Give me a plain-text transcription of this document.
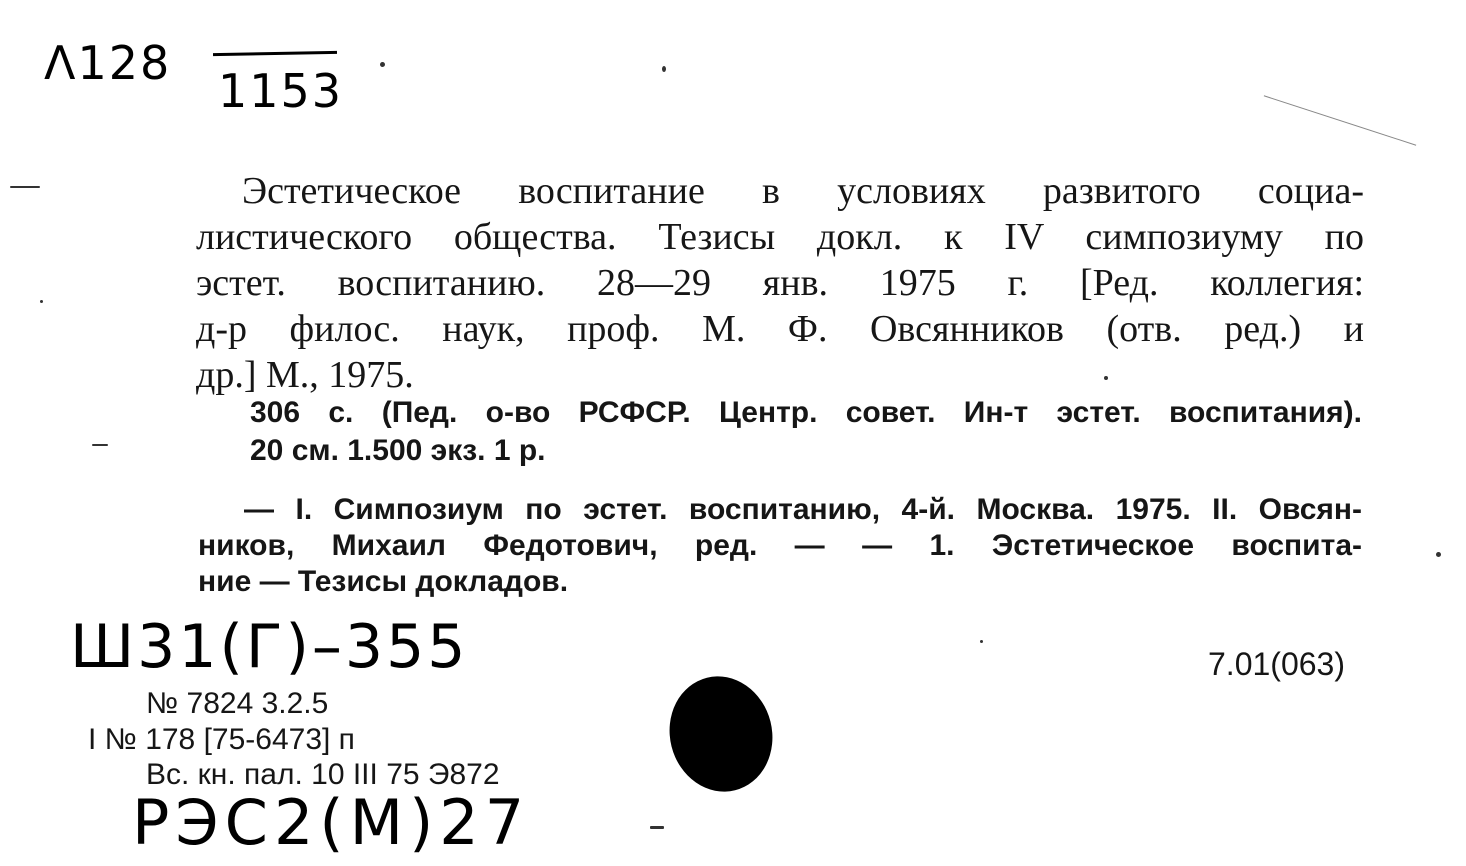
Λ128
1153
Эстетическое воспитание в условиях развитого социа-
листического общества. Тезисы докл. к IV симпозиуму по
эстет. воспитанию. 28—29 янв. 1975 г. [Ред. коллегия:
д-р филос. наук, проф. М. Ф. Овсянников (отв. ред.) и
др.] М., 1975.
306 с. (Пед. о-во РСФСР. Центр. совет. Ин-т эстет. воспитания).
20 см. 1.500 экз. 1 р.
— I. Симпозиум по эстет. воспитанию, 4-й. Москва. 1975. II. Овсян-
ников, Михаил Федотович, ред. — — 1. Эстетическое воспита-
ние — Тезисы докладов.
Ш31(Г)–355	7.01(063)
№ 7824 3.2.5
I № 178 [75-6473] п
Вс. кн. пал. 10 III 75 Э872
РЭС2(М)27
